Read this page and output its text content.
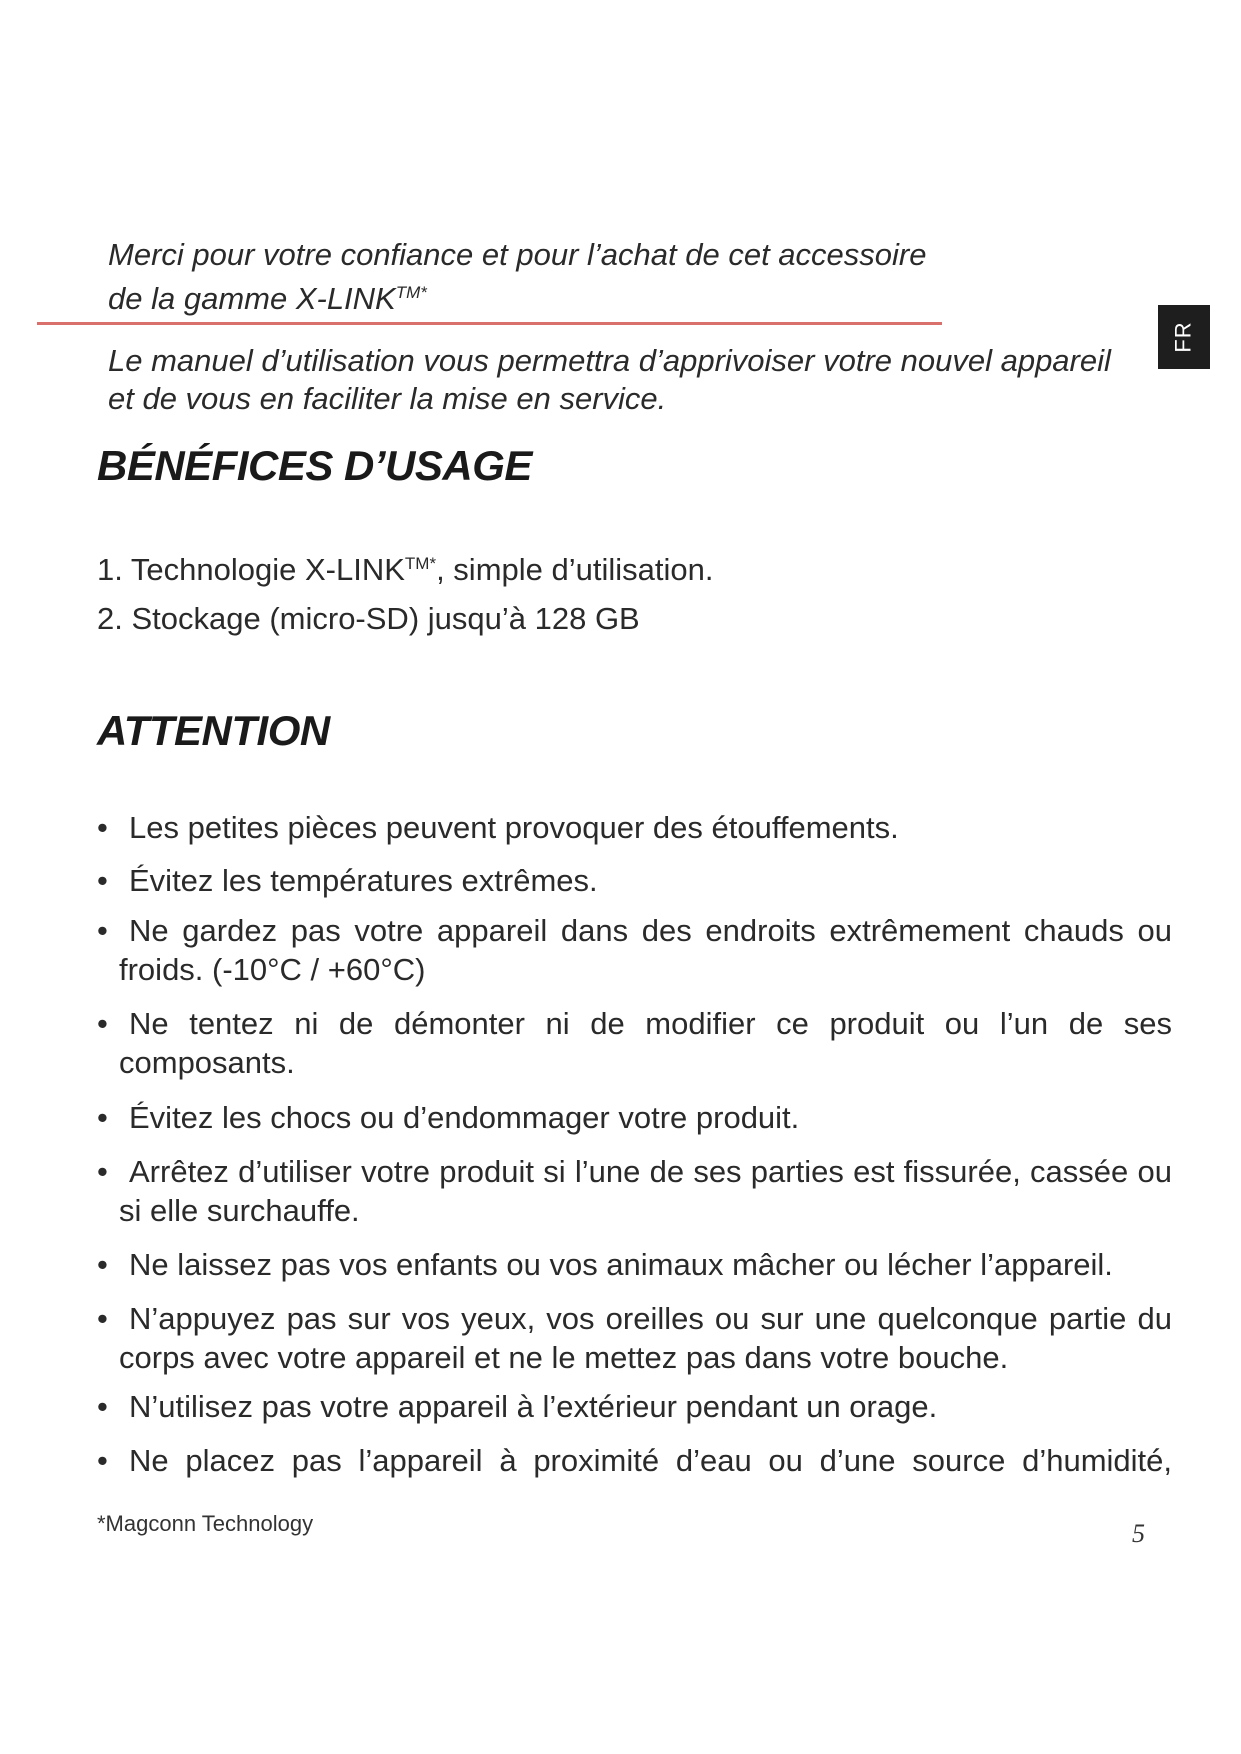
Merci pour votre confiance et pour l’achat de cet accessoire
de la gamme $X-LINK^{TM*}$
FR
Le manuel d’utilisation vous permettra d’apprivoiser votre nouvel appareil
et de vous en faciliter la mise en service.
BÉNÉFICES D’USAGE
1. Technologie $X-LINK^{TM*}$, simple d’utilisation.
2. Stockage (micro-SD) jusqu’à 128 GB
ATTENTION
• Les petites pièces peuvent provoquer des étouffements.
• Évitez les températures extrêmes.
• Ne gardez pas votre appareil dans des endroits extrêmement chauds ou froids. (-10°C / +60°C)
• Ne tentez ni de démonter ni de modifier ce produit ou l’un de ses composants.
• Évitez les chocs ou d’endommager votre produit.
• Arrêtez d’utiliser votre produit si l’une de ses parties est fissurée, cassée ou si elle surchauffe.
• Ne laissez pas vos enfants ou vos animaux mâcher ou lécher l’appareil.
• N’appuyez pas sur vos yeux, vos oreilles ou sur une quelconque partie du corps avec votre appareil et ne le mettez pas dans votre bouche.
• N’utilisez pas votre appareil à l’extérieur pendant un orage.
• Ne placez pas l’appareil à proximité d’eau ou d’une source d’humidité,
*Magconn Technology	5
